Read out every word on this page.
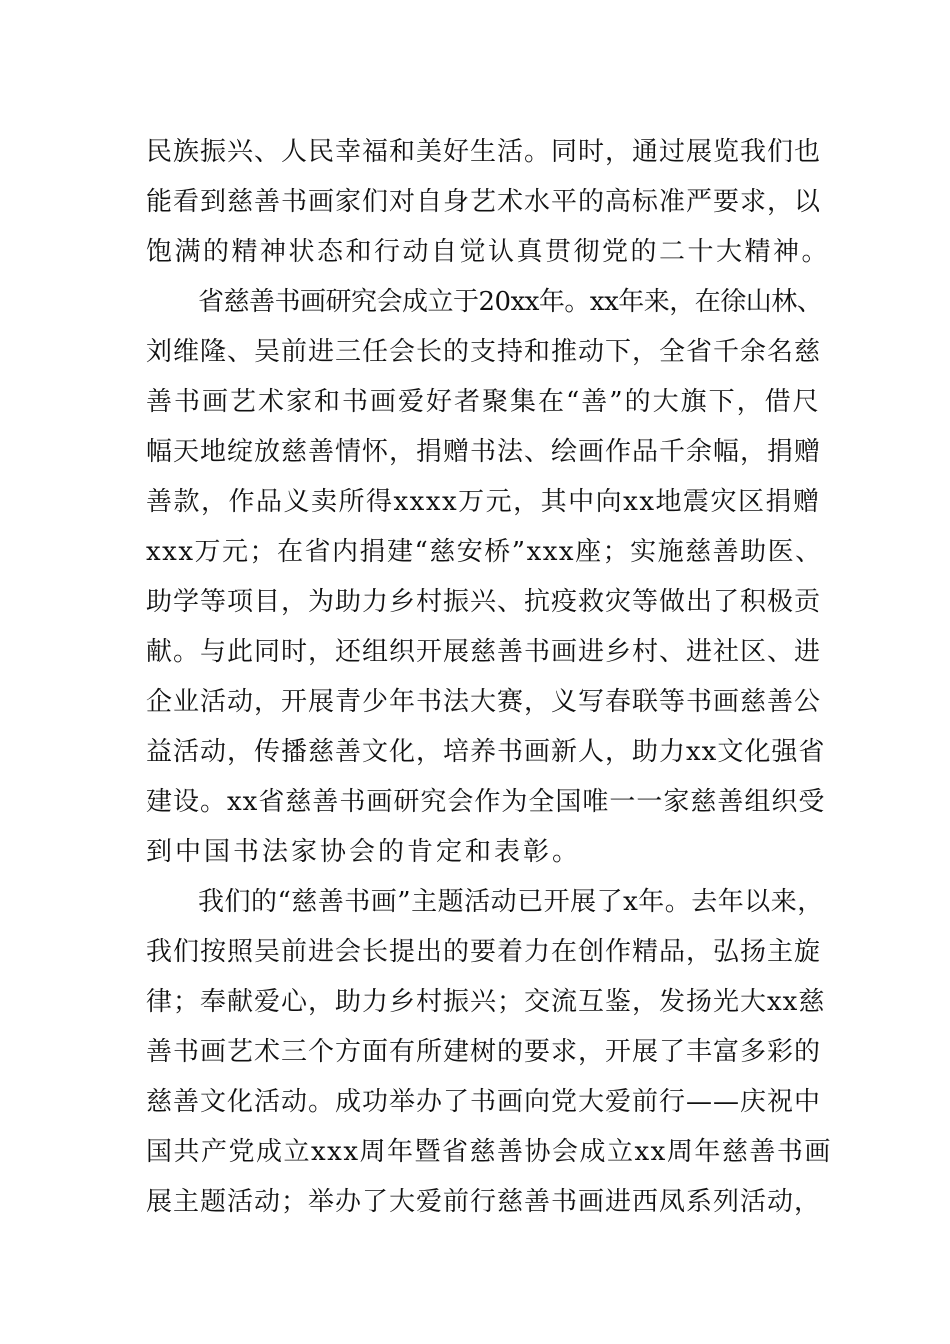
民族振兴、人民幸福和美好生活。同时，通过展览我们也
能看到慈善书画家们对自身艺术水平的高标准严要求，以
饱满的精神状态和行动自觉认真贯彻党的二十大精神。
省慈善书画研究会成立于20xx年。xx年来，在徐山林、
刘维隆、吴前进三任会长的支持和推动下，全省千余名慈
善书画艺术家和书画爱好者聚集在“善”的大旗下，借尺
幅天地绽放慈善情怀，捐赠书法、绘画作品千余幅，捐赠
善款，作品义卖所得xxxx万元，其中向xx地震灾区捐赠
xxx万元；在省内捐建“慈安桥”xxx座；实施慈善助医、
助学等项目，为助力乡村振兴、抗疫救灾等做出了积极贡
献。与此同时，还组织开展慈善书画进乡村、进社区、进
企业活动，开展青少年书法大赛，义写春联等书画慈善公
益活动，传播慈善文化，培养书画新人，助力xx文化强省
建设。xx省慈善书画研究会作为全国唯一一家慈善组织受
到中国书法家协会的肯定和表彰。
我们的“慈善书画”主题活动已开展了x年。去年以来，
我们按照吴前进会长提出的要着力在创作精品，弘扬主旋
律；奉献爱心，助力乡村振兴；交流互鉴，发扬光大xx慈
善书画艺术三个方面有所建树的要求，开展了丰富多彩的
慈善文化活动。成功举办了书画向党大爱前行——庆祝中
国共产党成立xxx周年暨省慈善协会成立xx周年慈善书画
展主题活动；举办了大爱前行慈善书画进西凤系列活动，
